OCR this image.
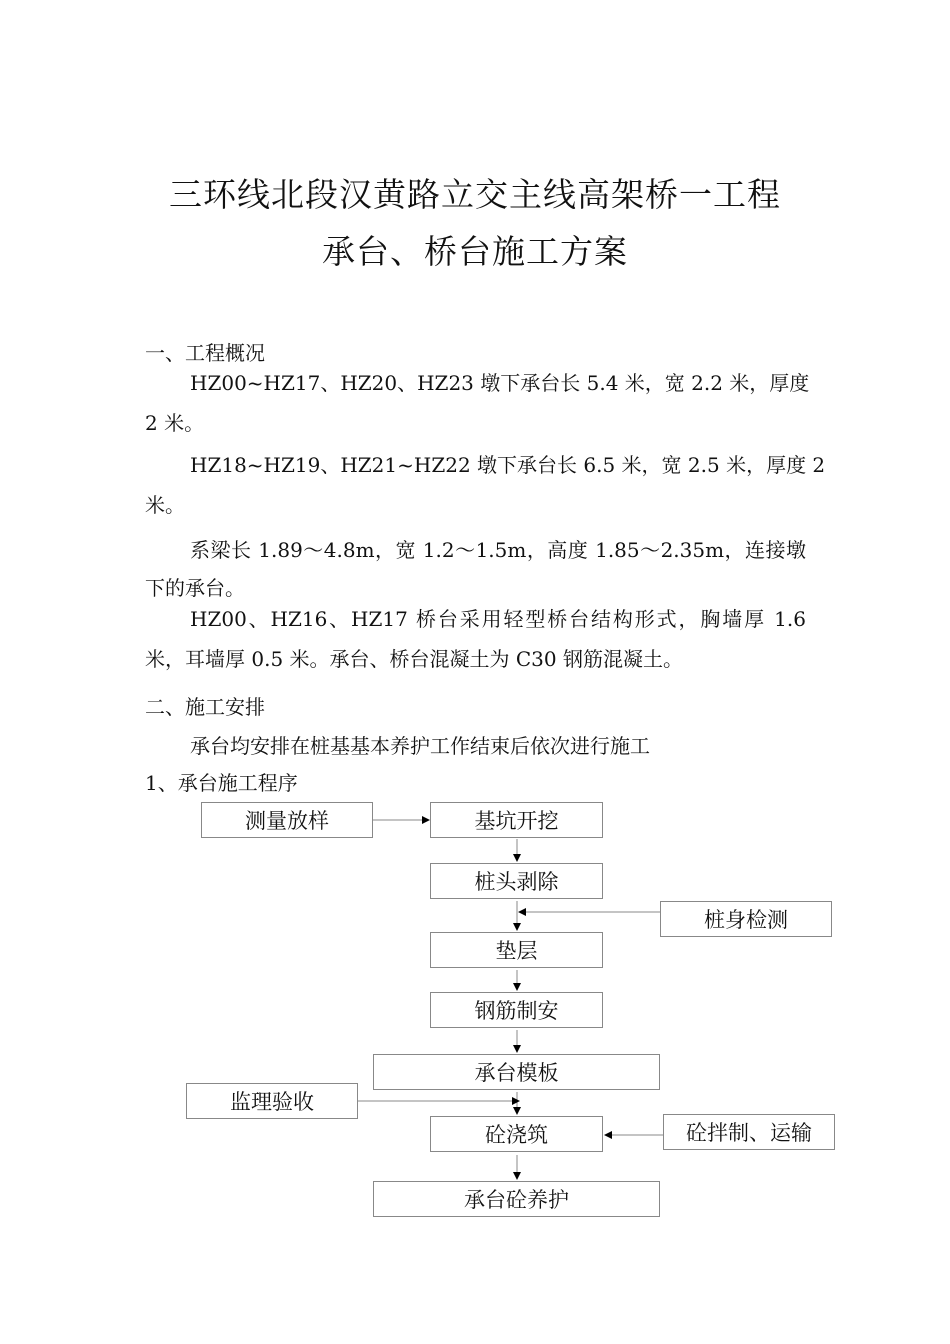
三环线北段汉黄路立交主线高架桥一工程
承台、桥台施工方案
一、工程概况
HZ00~HZ17、HZ20、HZ23 墩下承台长 5.4 米，宽 2.2 米，厚度
2 米。
HZ18~HZ19、HZ21~HZ22 墩下承台长 6.5 米，宽 2.5 米，厚度 2
米。
系梁长 1.89～4.8m，宽 1.2～1.5m，高度 1.85～2.35m，连接墩
下的承台。
HZ00、HZ16、HZ17 桥台采用轻型桥台结构形式，胸墙厚 1.6
米，耳墙厚 0.5 米。承台、桥台混凝土为 C30 钢筋混凝土。
二、施工安排
承台均安排在桩基基本养护工作结束后依次进行施工
1、承台施工程序
测量放样	基坑开挖
桩头剥除
桩身检测
垫层
钢筋制安
承台模板
监理验收
砼浇筑	砼拌制、运输
承台砼养护
